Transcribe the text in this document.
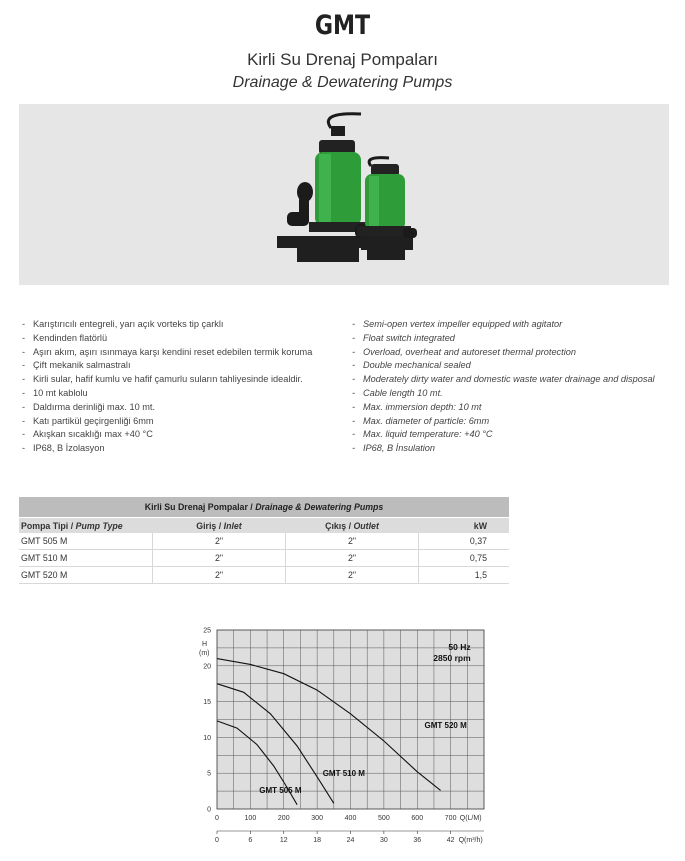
GMT
Kirli Su Drenaj Pompaları
Drainage & Dewatering Pumps
- Karıştırıcılı entegreli, yarı açık vorteks tip çarklı
- Kendinden flatörlü
- Aşırı akım, aşırı ısınmaya karşı kendini reset edebilen termik koruma
- Çift mekanik salmastralı
- Kirli sular, hafif kumlu ve hafif çamurlu suların tahliyesinde idealdir.
- 10 mt kablolu
- Daldırma derinliği max. 10 mt.
- Katı partikül geçirgenliği 6mm
- Akışkan sıcaklığı max +40 °C
- IP68, B İzolasyon
- Semi-open vertex impeller equipped with agitator
- Float switch integrated
- Overload, overheat and autoreset thermal protection
- Double mechanical sealed
- Moderately dirty water and domestic waste water drainage and disposal
- Cable length 10 mt.
- Max. immersion depth: 10 mt
- Max. diameter of particle: 6mm
- Max. liquid temperature: +40 °C
- IP68, B İnsulation
Kirli Su Drenaj Pompalar / Drainage & Dewatering Pumps			
Pompa Tipi / Pump Type	Giriş / Inlet	Çıkış / Outlet	kW
GMT 505 M	2"	2"	0,37
GMT 510 M	2"	2"	0,75
GMT 520 M	2"	2"	1,5
0
5
10
15
20
25
H
(m)
0	100	200	300	400	500	600	700 Q(L/M)
0	6	12	18	24	30	36	42 Q(m³/h)
GMT 505 M
GMT 510 M
GMT 520 M
50 Hz
2850 rpm
